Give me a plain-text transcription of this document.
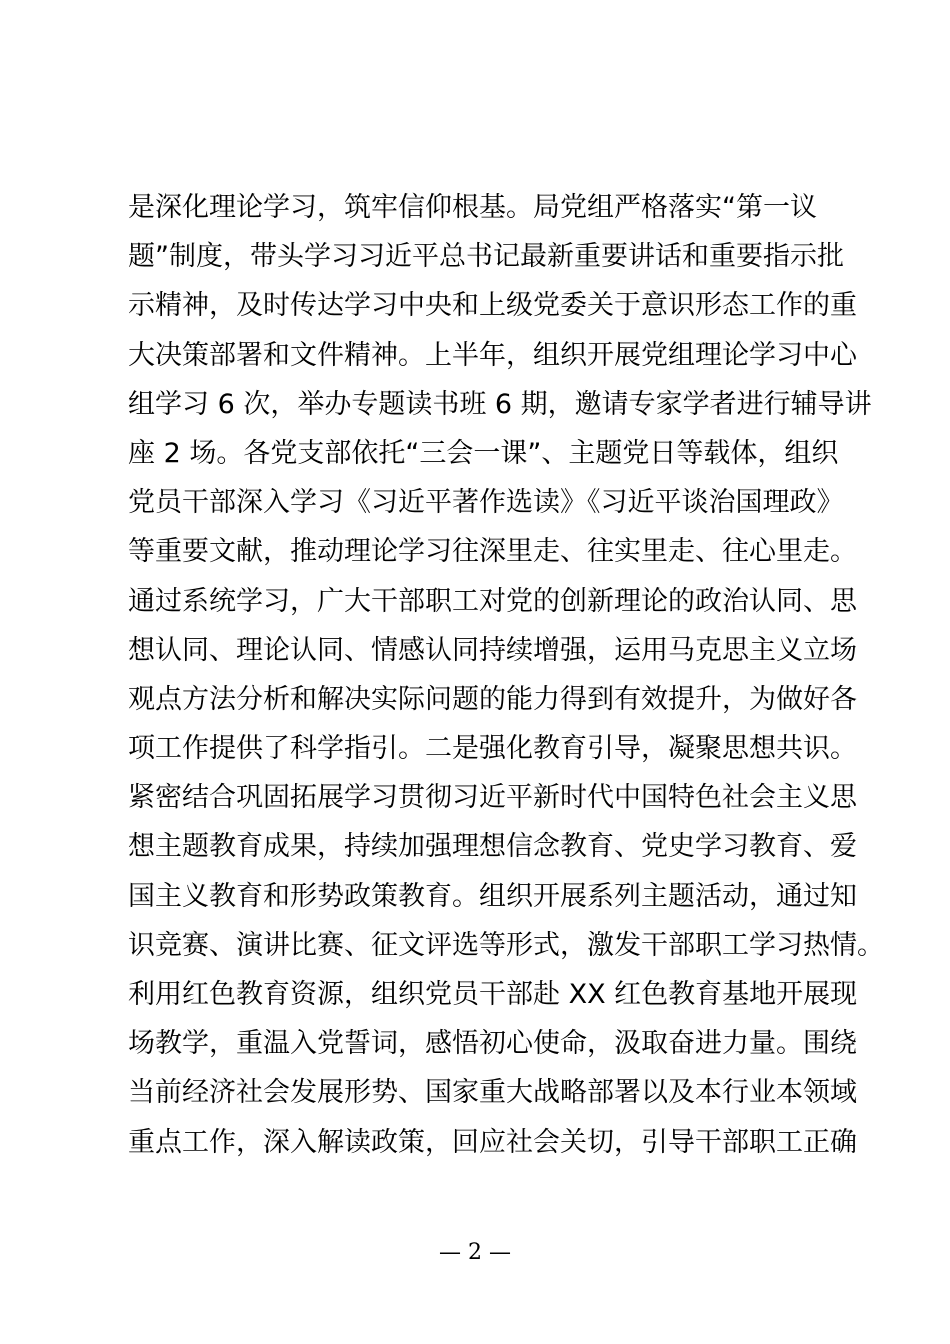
是深化理论学习，筑牢信仰根基。局党组严格落实“第一议
题”制度，带头学习习近平总书记最新重要讲话和重要指示批
示精神，及时传达学习中央和上级党委关于意识形态工作的重
大决策部署和文件精神。上半年，组织开展党组理论学习中心
组学习 6 次，举办专题读书班 6 期，邀请专家学者进行辅导讲
座 2 场。各党支部依托“三会一课”、主题党日等载体，组织
党员干部深入学习《习近平著作选读》《习近平谈治国理政》
等重要文献，推动理论学习往深里走、往实里走、往心里走。
通过系统学习，广大干部职工对党的创新理论的政治认同、思
想认同、理论认同、情感认同持续增强，运用马克思主义立场
观点方法分析和解决实际问题的能力得到有效提升，为做好各
项工作提供了科学指引。二是强化教育引导，凝聚思想共识。
紧密结合巩固拓展学习贯彻习近平新时代中国特色社会主义思
想主题教育成果，持续加强理想信念教育、党史学习教育、爱
国主义教育和形势政策教育。组织开展系列主题活动，通过知
识竞赛、演讲比赛、征文评选等形式，激发干部职工学习热情。
利用红色教育资源，组织党员干部赴 XX 红色教育基地开展现
场教学，重温入党誓词，感悟初心使命，汲取奋进力量。围绕
当前经济社会发展形势、国家重大战略部署以及本行业本领域
重点工作，深入解读政策，回应社会关切，引导干部职工正确
— 2 —
